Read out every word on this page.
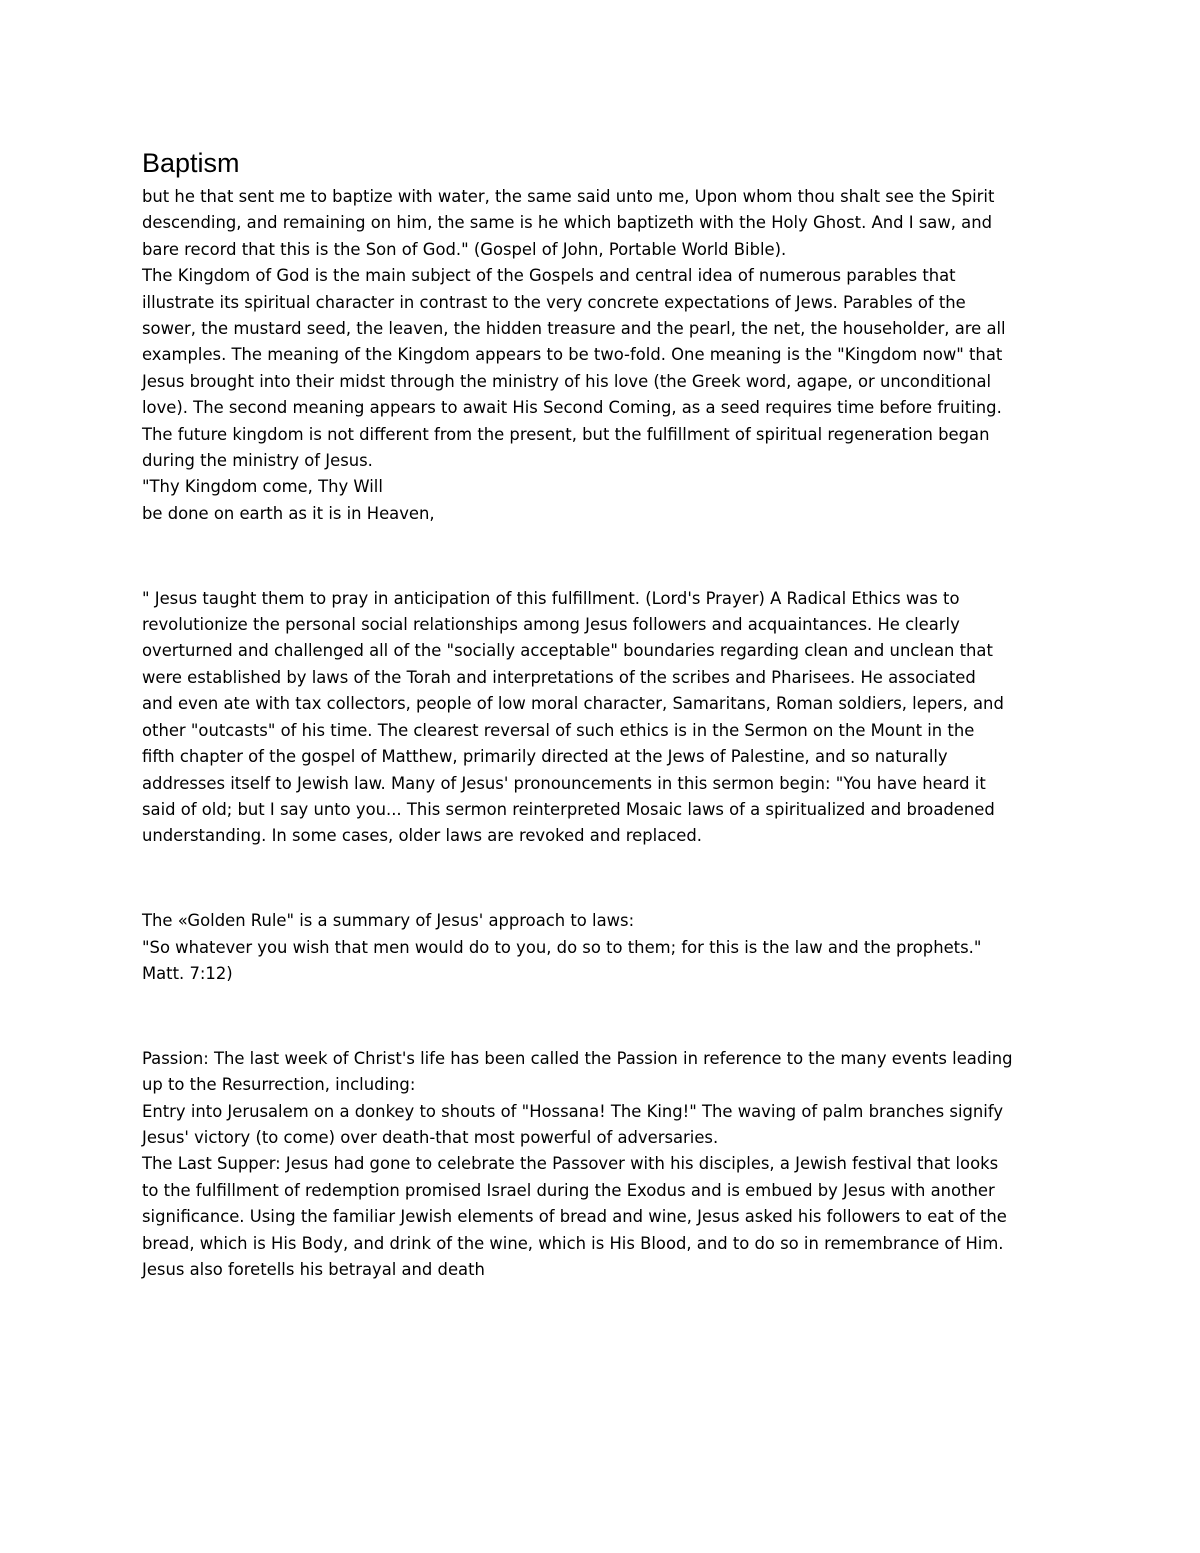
Baptism

but he that sent me to baptize with water, the same said unto me, Upon whom thou shalt see the Spirit

descending, and remaining on him, the same is he which baptizeth with the Holy Ghost. And I saw, and

bare record that this is the Son of God." (Gospel of John, Portable World Bible).

The Kingdom of God is the main subject of the Gospels and central idea of numerous parables that

illustrate its spiritual character in contrast to the very concrete expectations of Jews. Parables of the

sower, the mustard seed, the leaven, the hidden treasure and the pearl, the net, the householder, are all

examples. The meaning of the Kingdom appears to be two-fold. One meaning is the "Kingdom now" that

Jesus brought into their midst through the ministry of his love (the Greek word, agape, or unconditional

love). The second meaning appears to await His Second Coming, as a seed requires time before fruiting.

The future kingdom is not different from the present, but the fulfillment of spiritual regeneration began

during the ministry of Jesus.

"Thy Kingdom come, Thy Will

be done on earth as it is in Heaven,

" Jesus taught them to pray in anticipation of this fulfillment. (Lord's Prayer) A Radical Ethics was to

revolutionize the personal social relationships among Jesus followers and acquaintances. He clearly

overturned and challenged all of the "socially acceptable" boundaries regarding clean and unclean that

were established by laws of the Torah and interpretations of the scribes and Pharisees. He associated

and even ate with tax collectors, people of low moral character, Samaritans, Roman soldiers, lepers, and

other "outcasts" of his time. The clearest reversal of such ethics is in the Sermon on the Mount in the

fifth chapter of the gospel of Matthew, primarily directed at the Jews of Palestine, and so naturally

addresses itself to Jewish law. Many of Jesus' pronouncements in this sermon begin: "You have heard it

said of old; but I say unto you... This sermon reinterpreted Mosaic laws of a spiritualized and broadened

understanding. In some cases, older laws are revoked and replaced.

The «Golden Rule" is a summary of Jesus' approach to laws:

"So whatever you wish that men would do to you, do so to them; for this is the law and the prophets."

Matt. 7:12)

Passion: The last week of Christ's life has been called the Passion in reference to the many events leading

up to the Resurrection, including:

Entry into Jerusalem on a donkey to shouts of "Hossana! The King!" The waving of palm branches signify

Jesus' victory (to come) over death-that most powerful of adversaries.

The Last Supper: Jesus had gone to celebrate the Passover with his disciples, a Jewish festival that looks

to the fulfillment of redemption promised Israel during the Exodus and is embued by Jesus with another

significance. Using the familiar Jewish elements of bread and wine, Jesus asked his followers to eat of the

bread, which is His Body, and drink of the wine, which is His Blood, and to do so in remembrance of Him.

Jesus also foretells his betrayal and death
